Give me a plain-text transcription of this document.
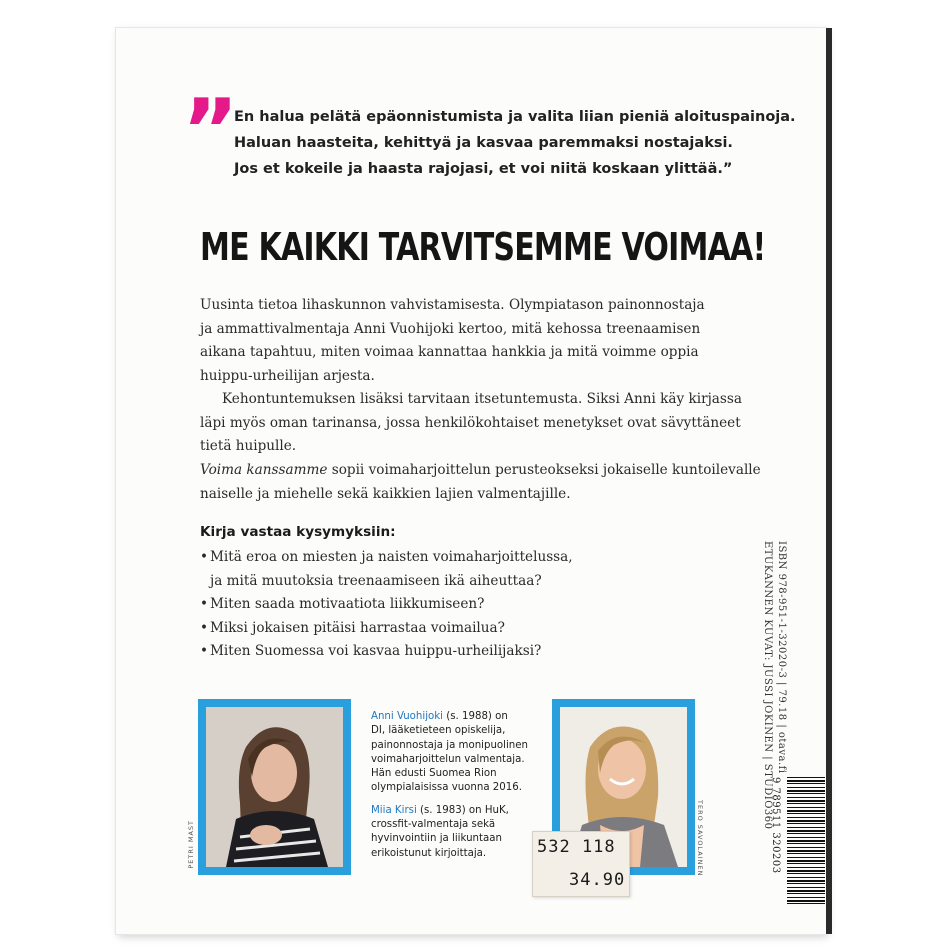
”
En halua pelätä epäonnistumista ja valita liian pieniä aloituspainoja.
Haluan haasteita, kehittyä ja kasvaa paremmaksi nostajaksi.
Jos et kokeile ja haasta rajojasi, et voi niitä koskaan ylittää.”
ME KAIKKI TARVITSEMME VOIMAA!
Uusinta tietoa lihaskunnon vahvistamisesta. Olympiatason painonnostaja
ja ammattivalmentaja Anni Vuohijoki kertoo, mitä kehossa treenaamisen
aikana tapahtuu, miten voimaa kannattaa hankkia ja mitä voimme oppia
huippu-urheilijan arjesta.
Kehontuntemuksen lisäksi tarvitaan itsetuntemusta. Siksi Anni käy kirjassa
läpi myös oman tarinansa, jossa henkilökohtaiset menetykset ovat sävyttäneet
tietä huipulle.
Voima kanssamme sopii voimaharjoittelun perusteokseksi jokaiselle kuntoilevalle
naiselle ja miehelle sekä kaikkien lajien valmentajille.
Kirja vastaa kysymyksiin:
• Mitä eroa on miesten ja naisten voimaharjoittelussa,
ja mitä muutoksia treenaamiseen ikä aiheuttaa?
• Miten saada motivaatiota liikkumiseen?
• Miksi jokaisen pitäisi harrastaa voimailua?
• Miten Suomessa voi kasvaa huippu-urheilijaksi?
PETRI MAST
Anni Vuohijoki (s. 1988) on
DI, lääketieteen opiskelija,
painonnostaja ja monipuolinen
voimaharjoittelun valmentaja.
Hän edusti Suomea Rion
olympialaisissa vuonna 2016.
Miia Kirsi (s. 1983) on HuK,
crossfit-valmentaja sekä
hyvinvointiin ja liikuntaan
erikoistunut kirjoittaja.	TERO SAVOLAINEN
532 118
34.90
ISBN 978-951-1-32020-3 | 79.18 | otava.fi
ETUKANNEN KUVAT: JUSSI JOKINEN | STUDIO360
9 789511 320203
